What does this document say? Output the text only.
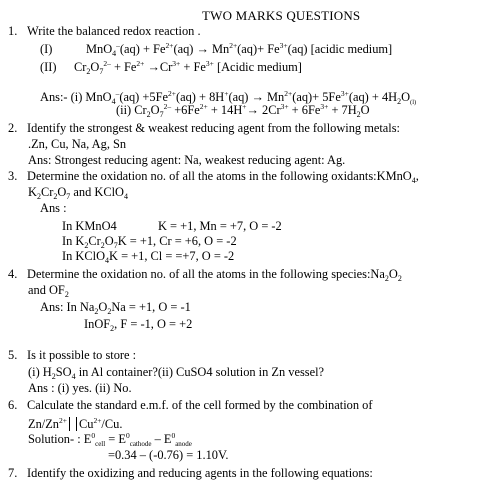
TWO MARKS QUESTIONS
1. Write the balanced redox reaction .
(I)	$MnO_4^-(aq) + Fe^{2+}(aq) \to Mn^{2+}(aq)+ Fe^{3+}(aq)$ [acidic medium]
(II) $Cr_2O_7^{2-} + Fe^{2+} \to Cr^{3+} + Fe^{3+}$ [Acidic medium]
Ans:- (i) $MnO_4^-(aq) +5Fe^{2+}(aq) + 8H^+(aq) \to Mn^{2+}(aq)+ 5Fe^{3+}(aq) + 4H_2O_{(l)}$
(ii) $Cr_2O_7^{2-} +6Fe^{2+} + 14H^+\to 2Cr^{3+} + 6Fe^{3+} + 7H_2O$
2. Identify the strongest & weakest reducing agent from the following metals:
.Zn, Cu, Na, Ag, Sn
Ans: Strongest reducing agent: Na, weakest reducing agent: Ag.
3. Determine the oxidation no. of all the atoms in the following oxidants:KMnO$_4$,
$K_2Cr_2O_7$ and KClO$_4$
Ans :
In KMnO4	K = +1, Mn = +7, O = -2
In $K_2Cr_2O_7K = +1$, Cr = +6, O = -2
In KClO$_4$K = +1, Cl = =+7, O = -2
4. Determine the oxidation no. of all the atoms in the following $species:Na_2O_2$
and $OF_2$
Ans: In $Na_2O_2Na = +1$, O = -1
InOF$_2$, F = -1, O = +2
5. Is it possible to store :
(i) $H_2SO_4$ in Al container?(ii) CuSO4 solution in Zn vessel?
Ans : (i) yes. (ii) No.
6. Calculate the standard e.m.f. of the cell formed by the combination of
$Zn/Zn^{2+}$ $Cu^{2+}/Cu$.
Solution- : $E^0_{cell} = E^0_{cathode} - E^0_{anode}$
=0.34 – (-0.76) = 1.10V.
7. Identify the oxidizing and reducing agents in the following equations:
